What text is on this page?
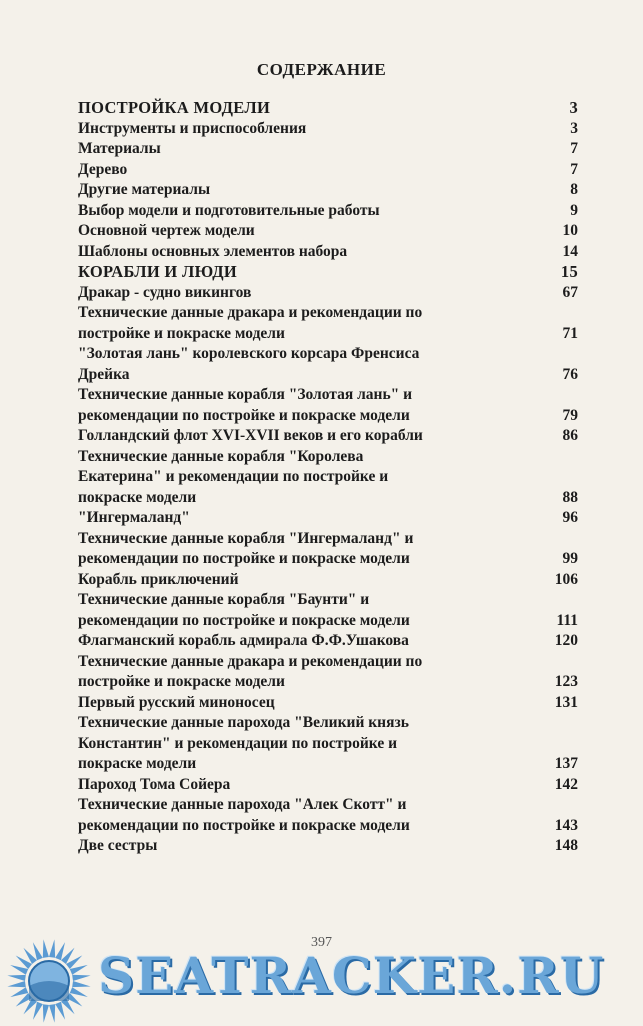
СОДЕРЖАНИЕ
ПОСТРОЙКА МОДЕЛИ	3
Инструменты и приспособления	3
Материалы	7
Дерево	7
Другие материалы	8
Выбор модели и подготовительные работы	9
Основной чертеж модели	10
Шаблоны основных элементов набора	14
КОРАБЛИ И ЛЮДИ	15
Дракар - судно викингов	67
Технические данные дракара и рекомендации по
постройке и покраске модели	71
"Золотая лань" королевского корсара Френсиса
Дрейка	76
Технические данные корабля "Золотая лань" и
рекомендации по постройке и покраске модели	79
Голландский флот XVI-XVII веков и его корабли	86
Технические данные корабля "Королева
Екатерина" и рекомендации по постройке и
покраске модели	88
"Ингермаланд"	96
Технические данные корабля "Ингермаланд" и
рекомендации по постройке и покраске модели	99
Корабль приключений	106
Технические данные корабля "Баунти" и
рекомендации по постройке и покраске модели	111
Флагманский корабль адмирала Ф.Ф.Ушакова	120
Технические данные дракара и рекомендации по
постройке и покраске модели	123
Первый русский миноносец	131
Технические данные парохода "Великий князь
Константин" и рекомендации по постройке и
покраске модели	137
Пароход Тома Сойера	142
Технические данные парохода "Алек Скотт" и
рекомендации по постройке и покраске модели	143
Две сестры	148
397
SEATRACKER.RU
